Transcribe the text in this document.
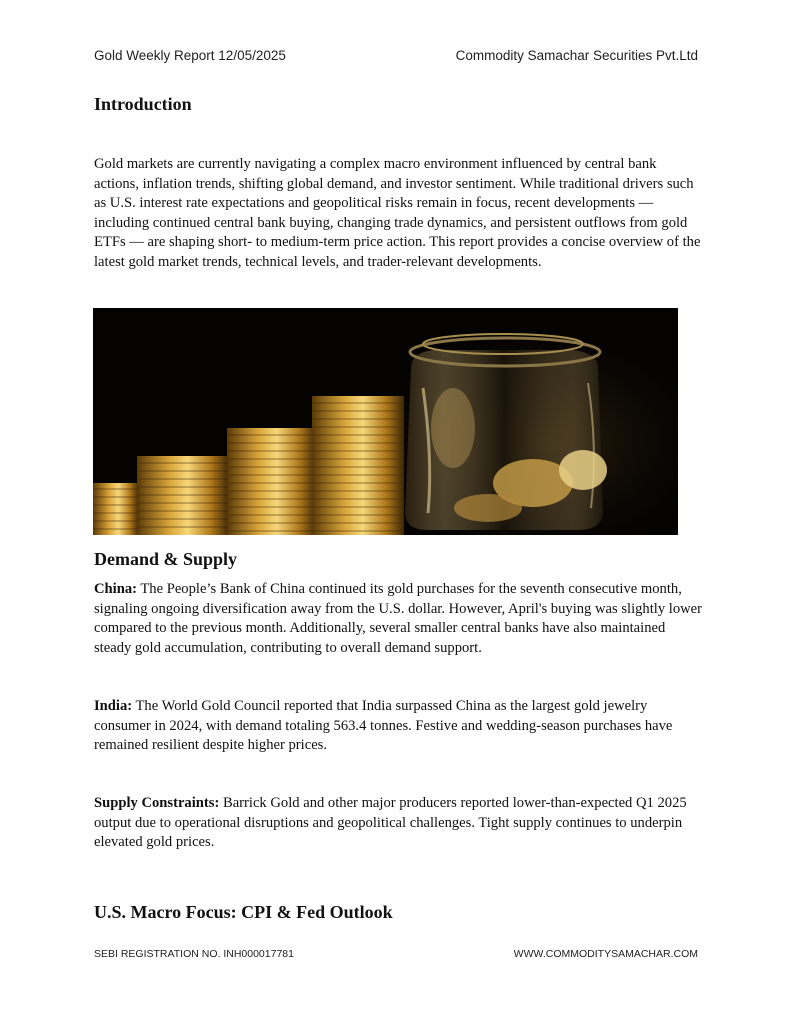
Gold Weekly Report 12/05/2025	Commodity Samachar Securities Pvt.Ltd
Introduction
Gold markets are currently navigating a complex macro environment influenced by central bank actions, inflation trends, shifting global demand, and investor sentiment. While traditional drivers such as U.S. interest rate expectations and geopolitical risks remain in focus, recent developments — including continued central bank buying, changing trade dynamics, and persistent outflows from gold ETFs — are shaping short- to medium-term price action. This report provides a concise overview of the latest gold market trends, technical levels, and trader-relevant developments.
Demand & Supply
China: The People’s Bank of China continued its gold purchases for the seventh consecutive month, signaling ongoing diversification away from the U.S. dollar. However, April's buying was slightly lower compared to the previous month. Additionally, several smaller central banks have also maintained steady gold accumulation, contributing to overall demand support.
India: The World Gold Council reported that India surpassed China as the largest gold jewelry consumer in 2024, with demand totaling 563.4 tonnes. Festive and wedding-season purchases have remained resilient despite higher prices.
Supply Constraints: Barrick Gold and other major producers reported lower-than-expected Q1 2025 output due to operational disruptions and geopolitical challenges. Tight supply continues to underpin elevated gold prices.
U.S. Macro Focus: CPI & Fed Outlook
SEBI REGISTRATION NO. INH000017781	WWW.COMMODITYSAMACHAR.COM
